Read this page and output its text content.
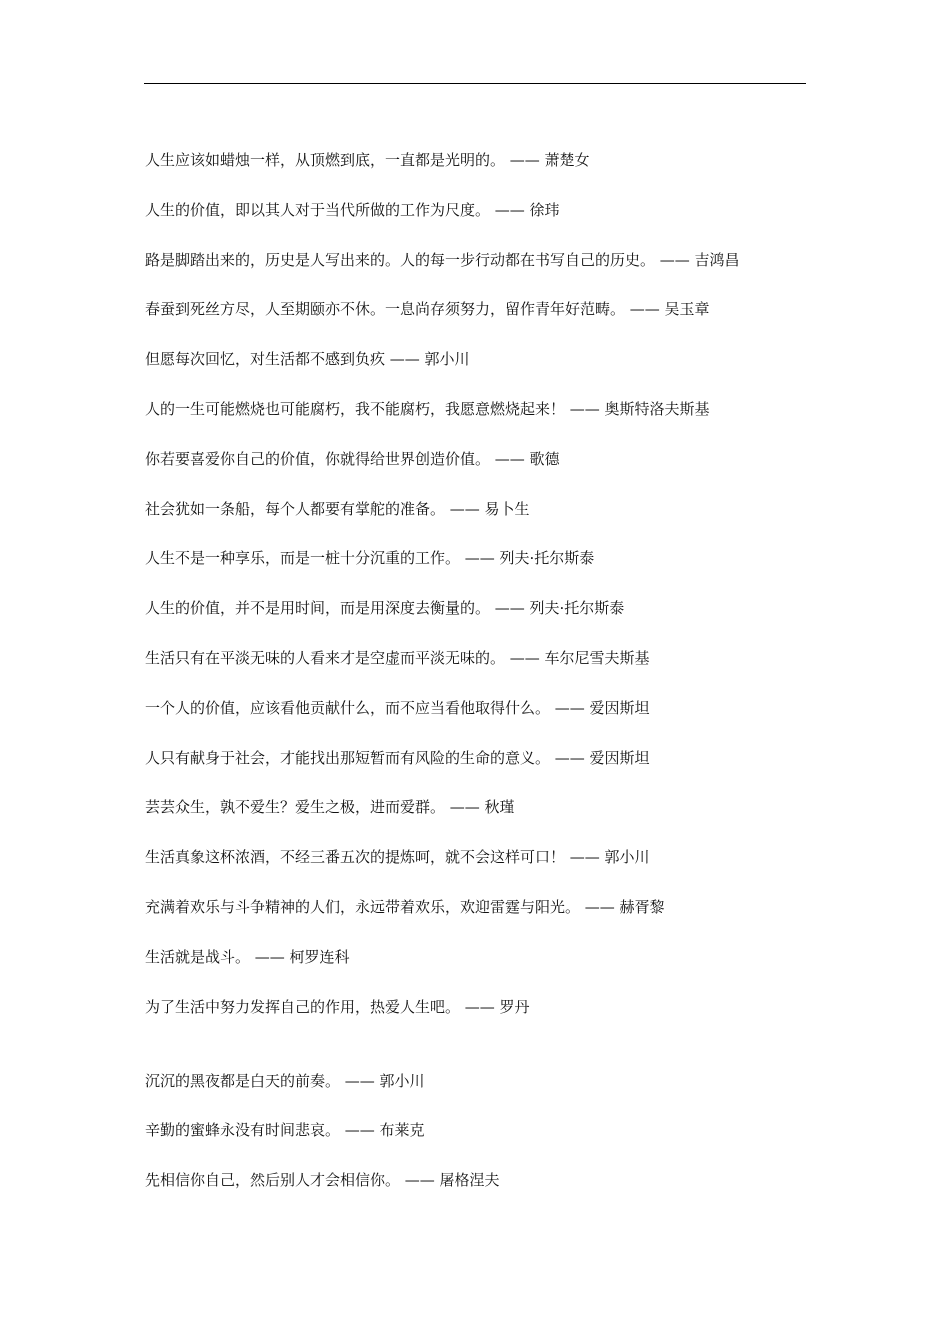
人生应该如蜡烛一样，从顶燃到底，一直都是光明的。 —— 萧楚女

人生的价值，即以其人对于当代所做的工作为尺度。 —— 徐玮

路是脚踏出来的，历史是人写出来的。人的每一步行动都在书写自己的历史。 —— 吉鸿昌

春蚕到死丝方尽，人至期颐亦不休。一息尚存须努力，留作青年好范畴。 —— 吴玉章

但愿每次回忆，对生活都不感到负疚 —— 郭小川

人的一生可能燃烧也可能腐朽，我不能腐朽，我愿意燃烧起来！ —— 奥斯特洛夫斯基

你若要喜爱你自己的价值，你就得给世界创造价值。 —— 歌德

社会犹如一条船，每个人都要有掌舵的准备。 —— 易卜生

人生不是一种享乐，而是一桩十分沉重的工作。 —— 列夫·托尔斯泰

人生的价值，并不是用时间，而是用深度去衡量的。 —— 列夫·托尔斯泰

生活只有在平淡无味的人看来才是空虚而平淡无味的。 —— 车尔尼雪夫斯基

一个人的价值，应该看他贡献什么，而不应当看他取得什么。 —— 爱因斯坦

人只有献身于社会，才能找出那短暂而有风险的生命的意义。 —— 爱因斯坦

芸芸众生，孰不爱生？爱生之极，进而爱群。 —— 秋瑾

生活真象这杯浓酒，不经三番五次的提炼呵，就不会这样可口！ —— 郭小川

充满着欢乐与斗争精神的人们，永远带着欢乐，欢迎雷霆与阳光。 —— 赫胥黎

生活就是战斗。 —— 柯罗连科

为了生活中努力发挥自己的作用，热爱人生吧。 —— 罗丹

沉沉的黑夜都是白天的前奏。 —— 郭小川

辛勤的蜜蜂永没有时间悲哀。 —— 布莱克

先相信你自己，然后别人才会相信你。 —— 屠格涅夫
